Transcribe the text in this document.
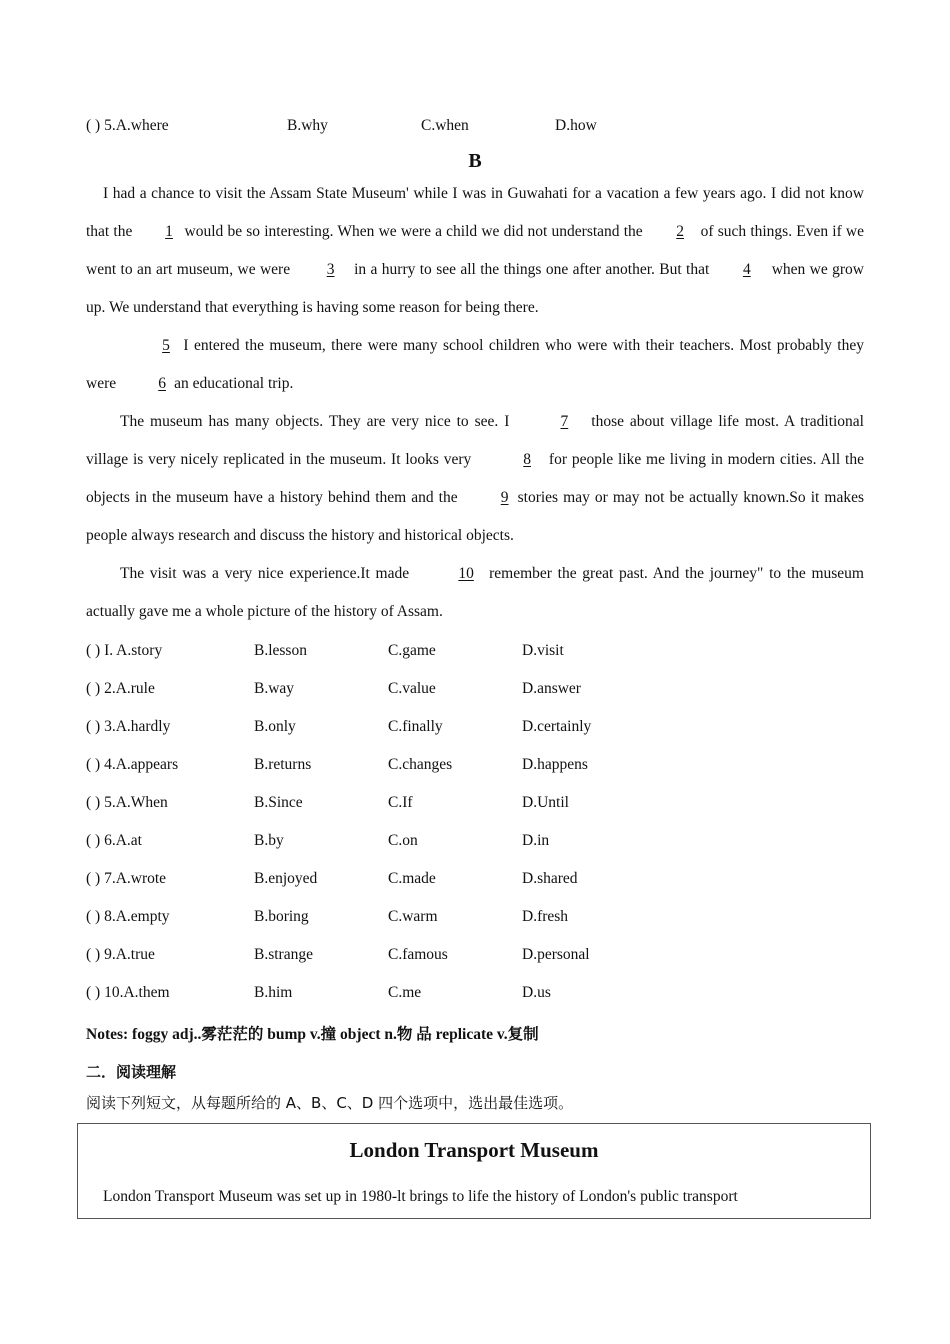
( ) 5.A.where	B.why	C.when	D.how
B

I had a chance to visit the Assam State Museum' while I was in Guwahati for a vacation a few years ago. I did not know that the 1 would be so interesting. When we were a child we did not understand the 2 of such things. Even if we went to an art museum, we were 3 in a hurry to see all the things one after another. But that 4 when we grow up. We understand that everything is having some reason for being there.

5 I entered the museum, there were many school children who were with their teachers. Most probably they were	6 an educational trip.

The museum has many objects. They are very nice to see. I	7 those about village life most. A traditional village is very nicely replicated in the museum. It looks very	8 for people like me living in modern cities. All the objects in the museum have a history behind them and the	9 stories may or may not be actually known.So it makes people always research and discuss the history and historical objects.

The visit was a very nice experience.It made	10 remember the great past. And the journey" to the museum actually gave me a whole picture of the history of Assam.

( ) I. A.story	B.lesson	C.game	D.visit
( ) 2.A.rule	B.way	C.value	D.answer
( ) 3.A.hardly	B.only	C.finally	D.certainly
( ) 4.A.appears	B.returns	C.changes	D.happens
( ) 5.A.When	B.Since	C.If	D.Until
( ) 6.A.at	B.by	C.on	D.in
( ) 7.A.wrote	B.enjoyed	C.made	D.shared
( ) 8.A.empty	B.boring	C.warm	D.fresh
( ) 9.A.true	B.strange	C.famous	D.personal
( ) 10.A.them	B.him	C.me	D.us
Notes: foggy adj..雾茫茫的 bump v.撞 object n.物 品 replicate v.复制
二．阅读理解
阅读下列短文，从每题所给的 A、B、C、D 四个选项中，选出最佳选项。
London Transport Museum
London Transport Museum was set up in 1980-lt brings to life the history of London's public transport
